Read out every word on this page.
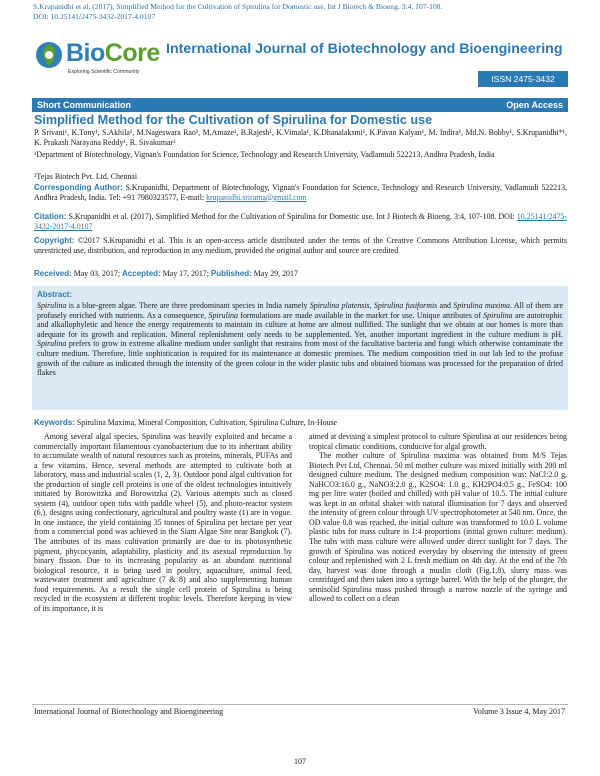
S.Krupanidhi et al. (2017), Simplified Method for the Cultivation of Spirulina for Domestic use. Int J Biotech & Bioeng. 3:4, 107-108.
DOI: 10.25141/2475-3432-2017-4.0107
BioCore
Exploring Scientific Community
International Journal of Biotechnology and Bioengineering
ISSN 2475-3432
Short Communication	Open Access
Simplified Method for the Cultivation of Spirulina for Domestic use
P. Srivani¹, K.Tony¹, S.Akhila¹, M.Nageswara Rao¹, M.Amaze¹, B.Rajesh¹, K.Vimala¹, K.Dhanalaksmi¹, K.Pavan Kalyan¹, M. Indira¹, Md.N. Bobby¹, S.Krupanidhi*¹, K. Prakash Narayana Reddy¹, R. Sivakumar²
¹Department of Biotechnology, Vignan's Foundation for Science, Technology and Research University, Vadlamudi 522213, Andhra Pradesh, India
²Tejas Biotech Pvt. Ltd, Chennai
Corresponding Author: S.Krupanidhi, Department of Biotechnology, Vignan's Foundation for Science, Technology and Research University, Vadlamudi 522213, Andhra Pradesh, India. Tel: +91 7980323577, E-mail: krupanidhi.srirama@gmail.com
Citation: S.Krupanidhi et al. (2017), Simplified Method for the Cultivation of Spirulina for Domestic use. Int J Biotech & Bioeng. 3:4, 107-108. DOI: 10.25141/2475-3432-2017-4.0107
Copyright: ©2017 S.Krupanidhi et al. This is an open-access article distributed under the terms of the Creative Commons Attribution License, which permits unrestricted use, distribution, and reproduction in any medium, provided the original author and source are credited
Received: May 03, 2017; Accepted: May 17, 2017; Published: May 29, 2017
Abstract:
Spirulina is a blue-green algae. There are three predominant species in India namely Spirulina platensis, Spirulina fusiformis and Spirulina maxima. All of them are profusely enriched with nutrients. As a consequence, Spirulina formulations are made available in the market for use. Unique attributes of Spirulina are autotrophic and alkallophyletic and hence the energy requirements to maintain its culture at home are almost nullified. The sunlight that we obtain at our homes is more than adequate for its growth and replication. Mineral replenishment only needs to be supplemented. Yet, another important ingredient in the culture medium is pH. Spirulina prefers to grow in extreme alkaline medium under sunlight that restrains from most of the facultative bacteria and fungi which otherwise contaminate the culture medium. Therefore, little sophistication is required for its maintenance at domestic premises. The medium composition tried in our lab led to the profuse growth of the culture as indicated through the intensity of the green colour in the wider plastic tubs and obtained biomass was processed for the preparation of dried flakes
Keywords: Spirulina Maxima, Mineral Composition, Cultivation, Spirulina Culture, In-House
Among several algal species, Spirulina was heavily exploited and became a commercially important filamentous cyanobacterium due to its inheritant ability to accumulate wealth of natural resources such as proteins, minerals, PUFAs and a few vitamins. Hence, several methods are attempted to cultivate both at laboratory, mass and industrial scales (1, 2, 3). Outdoor pond algal cultivation for the production of single cell proteins is one of the oldest technologies intuitively initiated by Borowitzka and Borowitzka (2). Various attempts such as closed system (4), outdoor open tubs with paddle wheel (5), and photo-reactor system (6,), designs using confectionary, agricultural and poultry waste (1) are in vogue. In one instance, the yield containing 35 tonnes of Spirulina per hectare per year from a commercial pond was achieved in the Siam Algae Site near Bangkok (7). The attributes of its mass cultivation primarily are due to its photosynthetic pigment, phycocyanin, adaptability, plasticity and its asexual reproduction by binary fission. Due to its increasing popularity as an abundant nutritional biological resource, it is being used in poultry, aquaculture, animal feed, wastewater treatment and agriculture (7 & 8) and also supplementing human food requirements. As a result the single cell protein of Spirulina is being recycled in the ecosystem at different trophic levels. Therefore keeping in view of its importance, it is

aimed at devising a simplest protocol to culture Spirulina at our residences being tropical climatic conditions, conducive for algal growth.

The mother culture of Spirulina maxima was obtained from M/S Tejas Biotech Pvt Ltd, Chennai. 50 ml mother culture was mixed initially with 200 ml designed culture medium. The designed medium composition was: NaCl:2.0 g, NaHCO3:16.0 g., NaNO3:2.0 g., K2SO4: 1.0 g., KH2PO4:0.5 g., FeSO4: 100 mg per litre water (boiled and chilled) with pH value of 10.5. The initial culture was kept in an orbital shaker with natural illumination for 7 days and observed the intensity of green colour through UV spectrophotometer at 540 nm. Once, the OD value 0.8 was reached, the initial culture was transformed to 10.0 L volume plastic tubs for mass culture in 1:4 proportions (initial grown culture: medium). The tubs with mass culture were allowed under direct sunlight for 7 days. The growth of Spirulina was noticed everyday by observing the intensity of green colour and replenished with 2 L fresh medium on 4th day. At the end of the 7th day, harvest was done through a muslin cloth (Fig.1.8), slurry mass was centrifuged and then taken into a syringe barrel. With the help of the plunger, the semisolid Spirulina mass pushed through a narrow nozzle of the syringe and allowed to collect on a clean

International Journal of Biotechnology and Bioengineering	Volume 3 Issue 4, May 2017
107
